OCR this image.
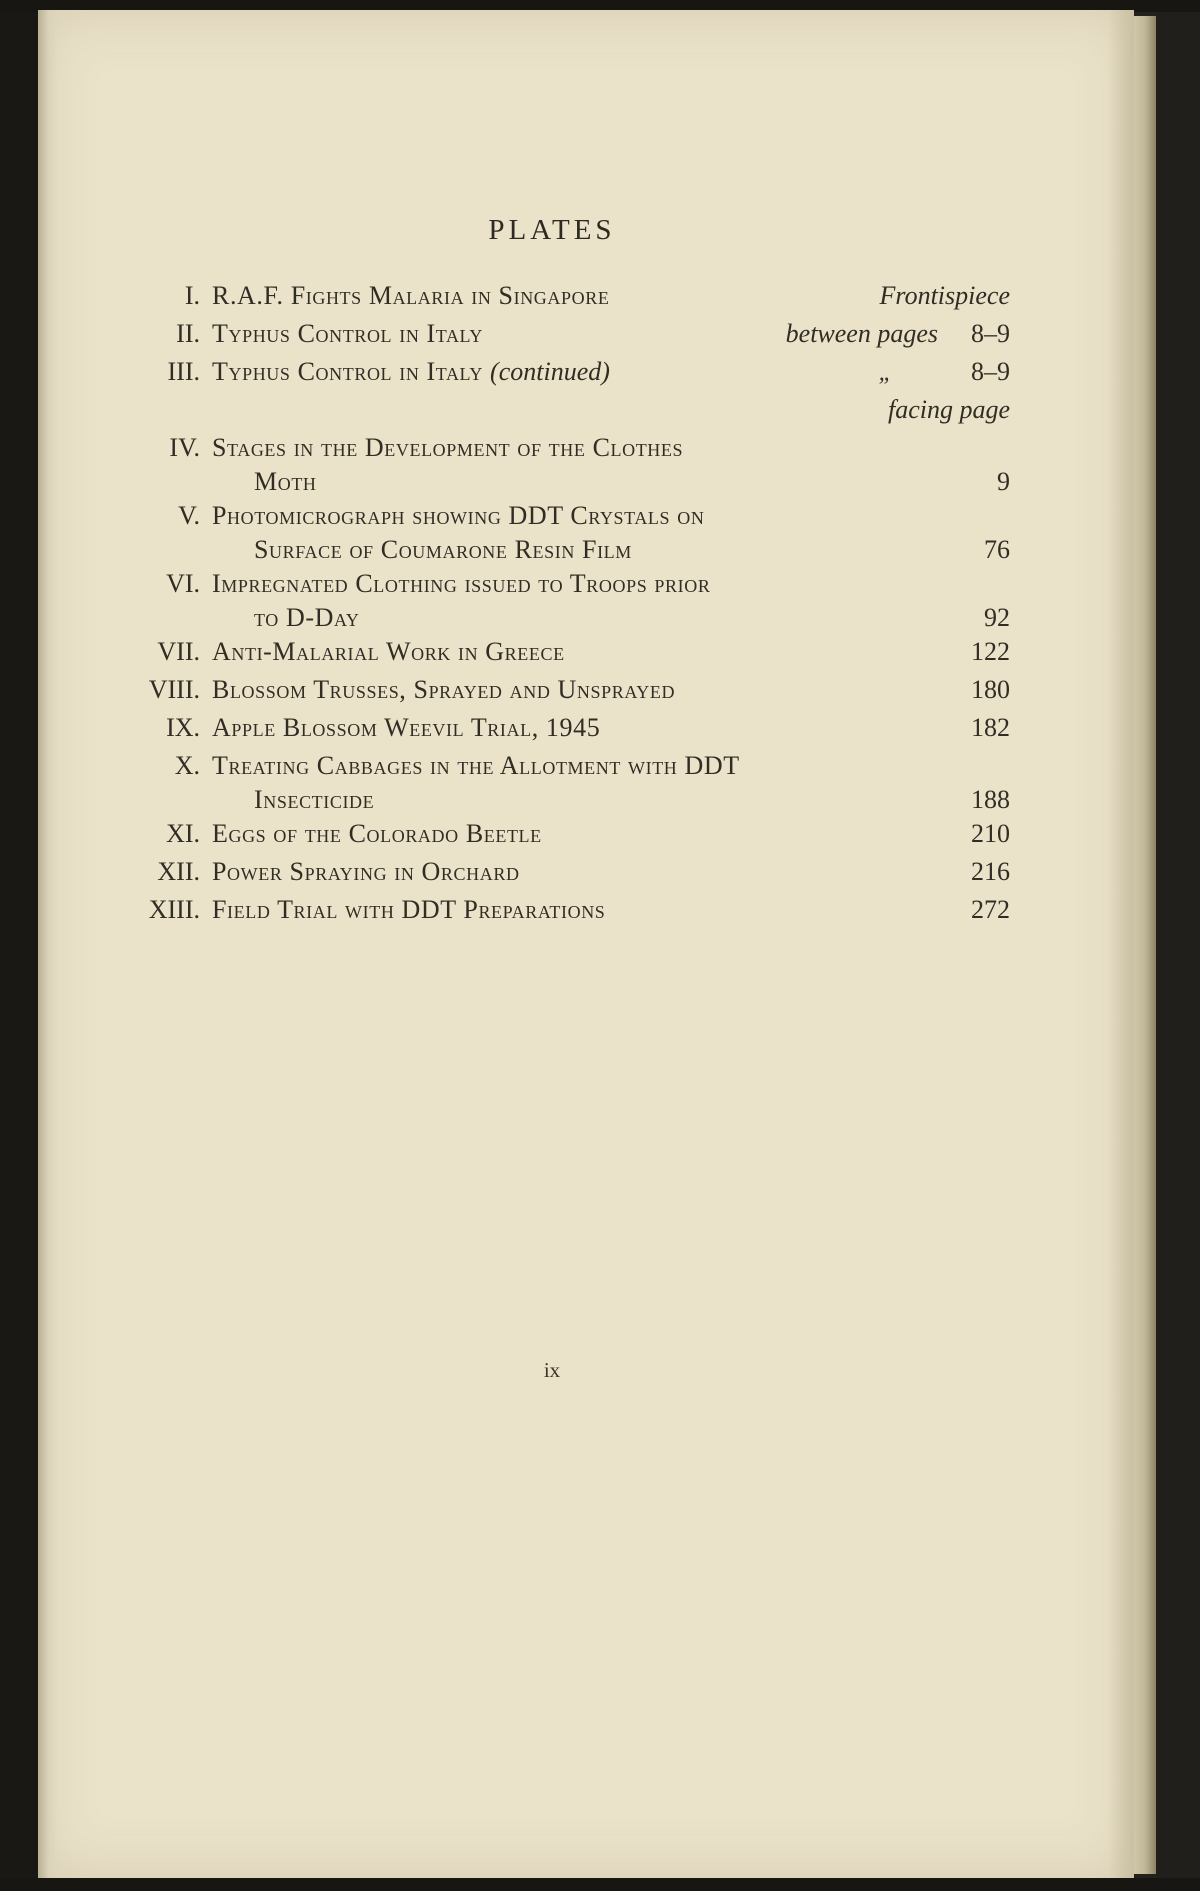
PLATES
I. R.A.F. Fights Malaria in Singapore	Frontispiece
II. Typhus Control in Italy	between pages	8–9
III. Typhus Control in Italy (continued)	„	8–9
facing page
IV. Stages in the Development of the Clothes
Moth	9
V. Photomicrograph showing DDT Crystals on
Surface of Coumarone Resin Film	76
VI. Impregnated Clothing issued to Troops prior
to D-Day	92
VII. Anti-Malarial Work in Greece	122
VIII. Blossom Trusses, Sprayed and Unsprayed	180
IX. Apple Blossom Weevil Trial, 1945	182
X. Treating Cabbages in the Allotment with DDT
Insecticide	188
XI. Eggs of the Colorado Beetle	210
XII. Power Spraying in Orchard	216
XIII. Field Trial with DDT Preparations	272
ix
